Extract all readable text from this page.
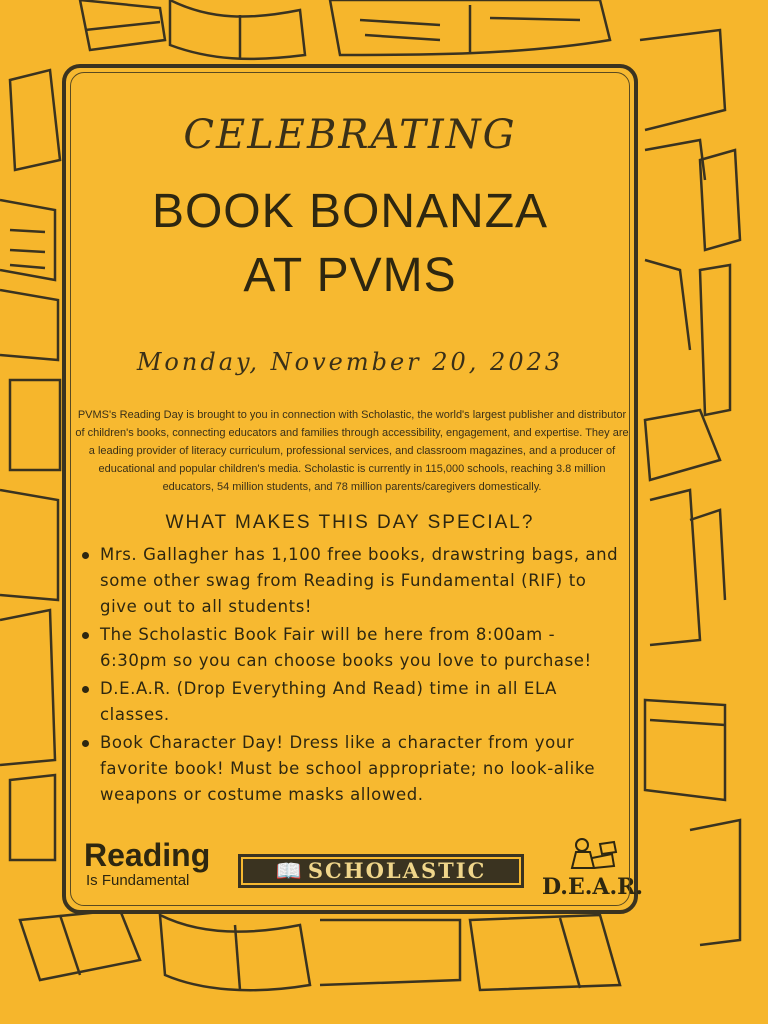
CELEBRATING
BOOK BONANZA
AT PVMS
Monday, November 20, 2023
PVMS's Reading Day is brought to you in connection with Scholastic, the world's largest publisher and distributor of children's books, connecting educators and families through accessibility, engagement, and expertise. They are a leading provider of literacy curriculum, professional services, and classroom magazines, and a producer of educational and popular children's media. Scholastic is currently in 115,000 schools, reaching 3.8 million educators, 54 million students, and 78 million parents/caregivers domestically.
WHAT MAKES THIS DAY SPECIAL?
Mrs. Gallagher has 1,100 free books, drawstring bags, and some other swag from Reading is Fundamental (RIF) to give out to all students!
The Scholastic Book Fair will be here from 8:00am - 6:30pm so you can choose books you love to purchase!
D.E.A.R. (Drop Everything And Read) time in all ELA classes.
Book Character Day! Dress like a character from your favorite book! Must be school appropriate; no look-alike weapons or costume masks allowed.
Reading
Is Fundamental	📖 SCHOLASTIC
D.E.A.R.
